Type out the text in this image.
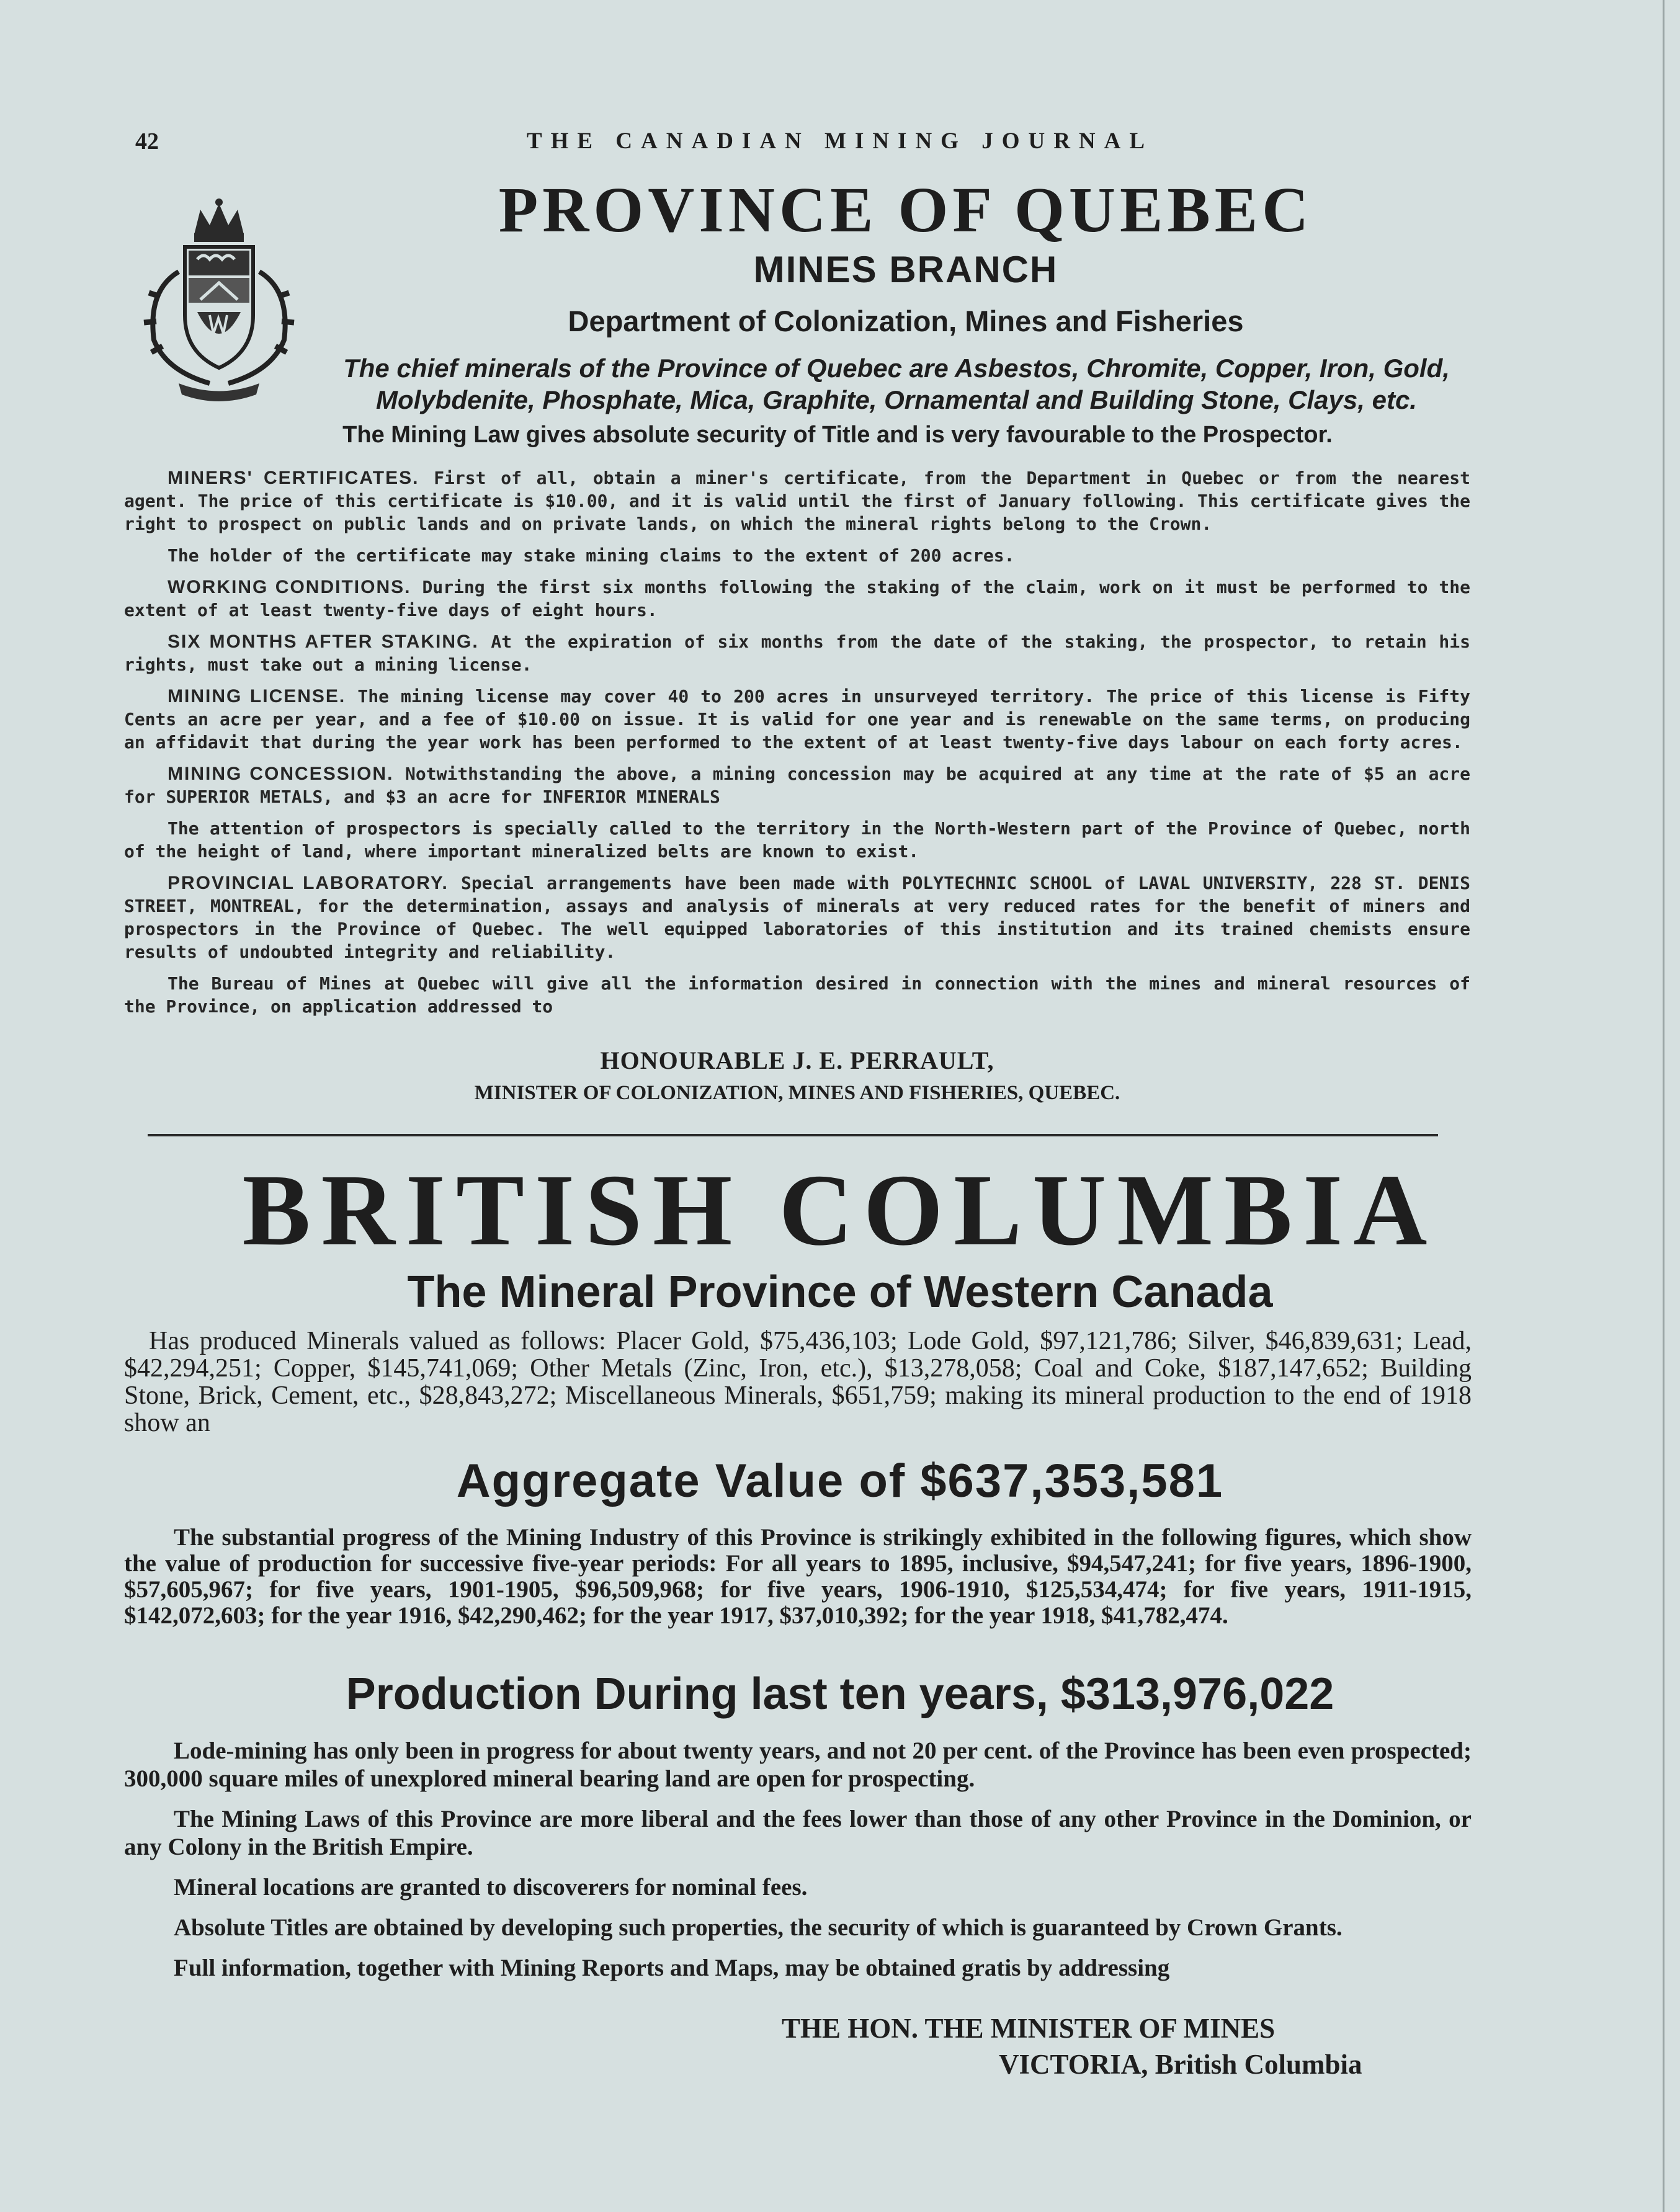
42	THE CANADIAN MINING JOURNAL
PROVINCE OF QUEBEC
MINES BRANCH
Department of Colonization, Mines and Fisheries
The chief minerals of the Province of Quebec are Asbestos, Chromite, Copper, Iron, Gold,
Molybdenite, Phosphate, Mica, Graphite, Ornamental and Building Stone, Clays, etc.
The Mining Law gives absolute security of Title and is very favourable to the Prospector.

MINERS' CERTIFICATES. First of all, obtain a miner's certificate, from the Department in Quebec or from the nearest agent. The price of this certificate is $10.00, and it is valid until the first of January following. This certificate gives the right to prospect on public lands and on private lands, on which the mineral rights belong to the Crown.

The holder of the certificate may stake mining claims to the extent of 200 acres.

WORKING CONDITIONS. During the first six months following the staking of the claim, work on it must be performed to the extent of at least twenty-five days of eight hours.

SIX MONTHS AFTER STAKING. At the expiration of six months from the date of the staking, the prospector, to retain his rights, must take out a mining license.

MINING LICENSE. The mining license may cover 40 to 200 acres in unsurveyed territory. The price of this license is Fifty Cents an acre per year, and a fee of $10.00 on issue. It is valid for one year and is renewable on the same terms, on producing an affidavit that during the year work has been performed to the extent of at least twenty-five days labour on each forty acres.

MINING CONCESSION. Notwithstanding the above, a mining concession may be acquired at any time at the rate of $5 an acre for SUPERIOR METALS, and $3 an acre for INFERIOR MINERALS

The attention of prospectors is specially called to the territory in the North-Western part of the Province of Quebec, north of the height of land, where important mineralized belts are known to exist.

PROVINCIAL LABORATORY. Special arrangements have been made with POLYTECHNIC SCHOOL of LAVAL UNIVERSITY, 228 ST. DENIS STREET, MONTREAL, for the determination, assays and analysis of minerals at very reduced rates for the benefit of miners and prospectors in the Province of Quebec. The well equipped laboratories of this institution and its trained chemists ensure results of undoubted integrity and reliability.

The Bureau of Mines at Quebec will give all the information desired in connection with the mines and mineral resources of the Province, on application addressed to

HONOURABLE J. E. PERRAULT,
MINISTER OF COLONIZATION, MINES AND FISHERIES, QUEBEC.
BRITISH COLUMBIA
The Mineral Province of Western Canada

Has produced Minerals valued as follows: Placer Gold, $75,436,103; Lode Gold, $97,121,786; Silver, $46,839,631; Lead, $42,294,251; Copper, $145,741,069; Other Metals (Zinc, Iron, etc.), $13,278,058; Coal and Coke, $187,147,652; Building Stone, Brick, Cement, etc., $28,843,272; Miscellaneous Minerals, $651,759; making its mineral production to the end of 1918 show an

Aggregate Value of $637,353,581

The substantial progress of the Mining Industry of this Province is strikingly exhibited in the following figures, which show the value of production for successive five-year periods: For all years to 1895, inclusive, $94,547,241; for five years, 1896-1900, $57,605,967; for five years, 1901-1905, $96,509,968; for five years, 1906-1910, $125,534,474; for five years, 1911-1915, $142,072,603; for the year 1916, $42,290,462; for the year 1917, $37,010,392; for the year 1918, $41,782,474.

Production During last ten years, $313,976,022

Lode-mining has only been in progress for about twenty years, and not 20 per cent. of the Province has been even prospected; 300,000 square miles of unexplored mineral bearing land are open for prospecting.

The Mining Laws of this Province are more liberal and the fees lower than those of any other Province in the Dominion, or any Colony in the British Empire.

Mineral locations are granted to discoverers for nominal fees.

Absolute Titles are obtained by developing such properties, the security of which is guaranteed by Crown Grants.

Full information, together with Mining Reports and Maps, may be obtained gratis by addressing

THE HON. THE MINISTER OF MINES
VICTORIA, British Columbia
